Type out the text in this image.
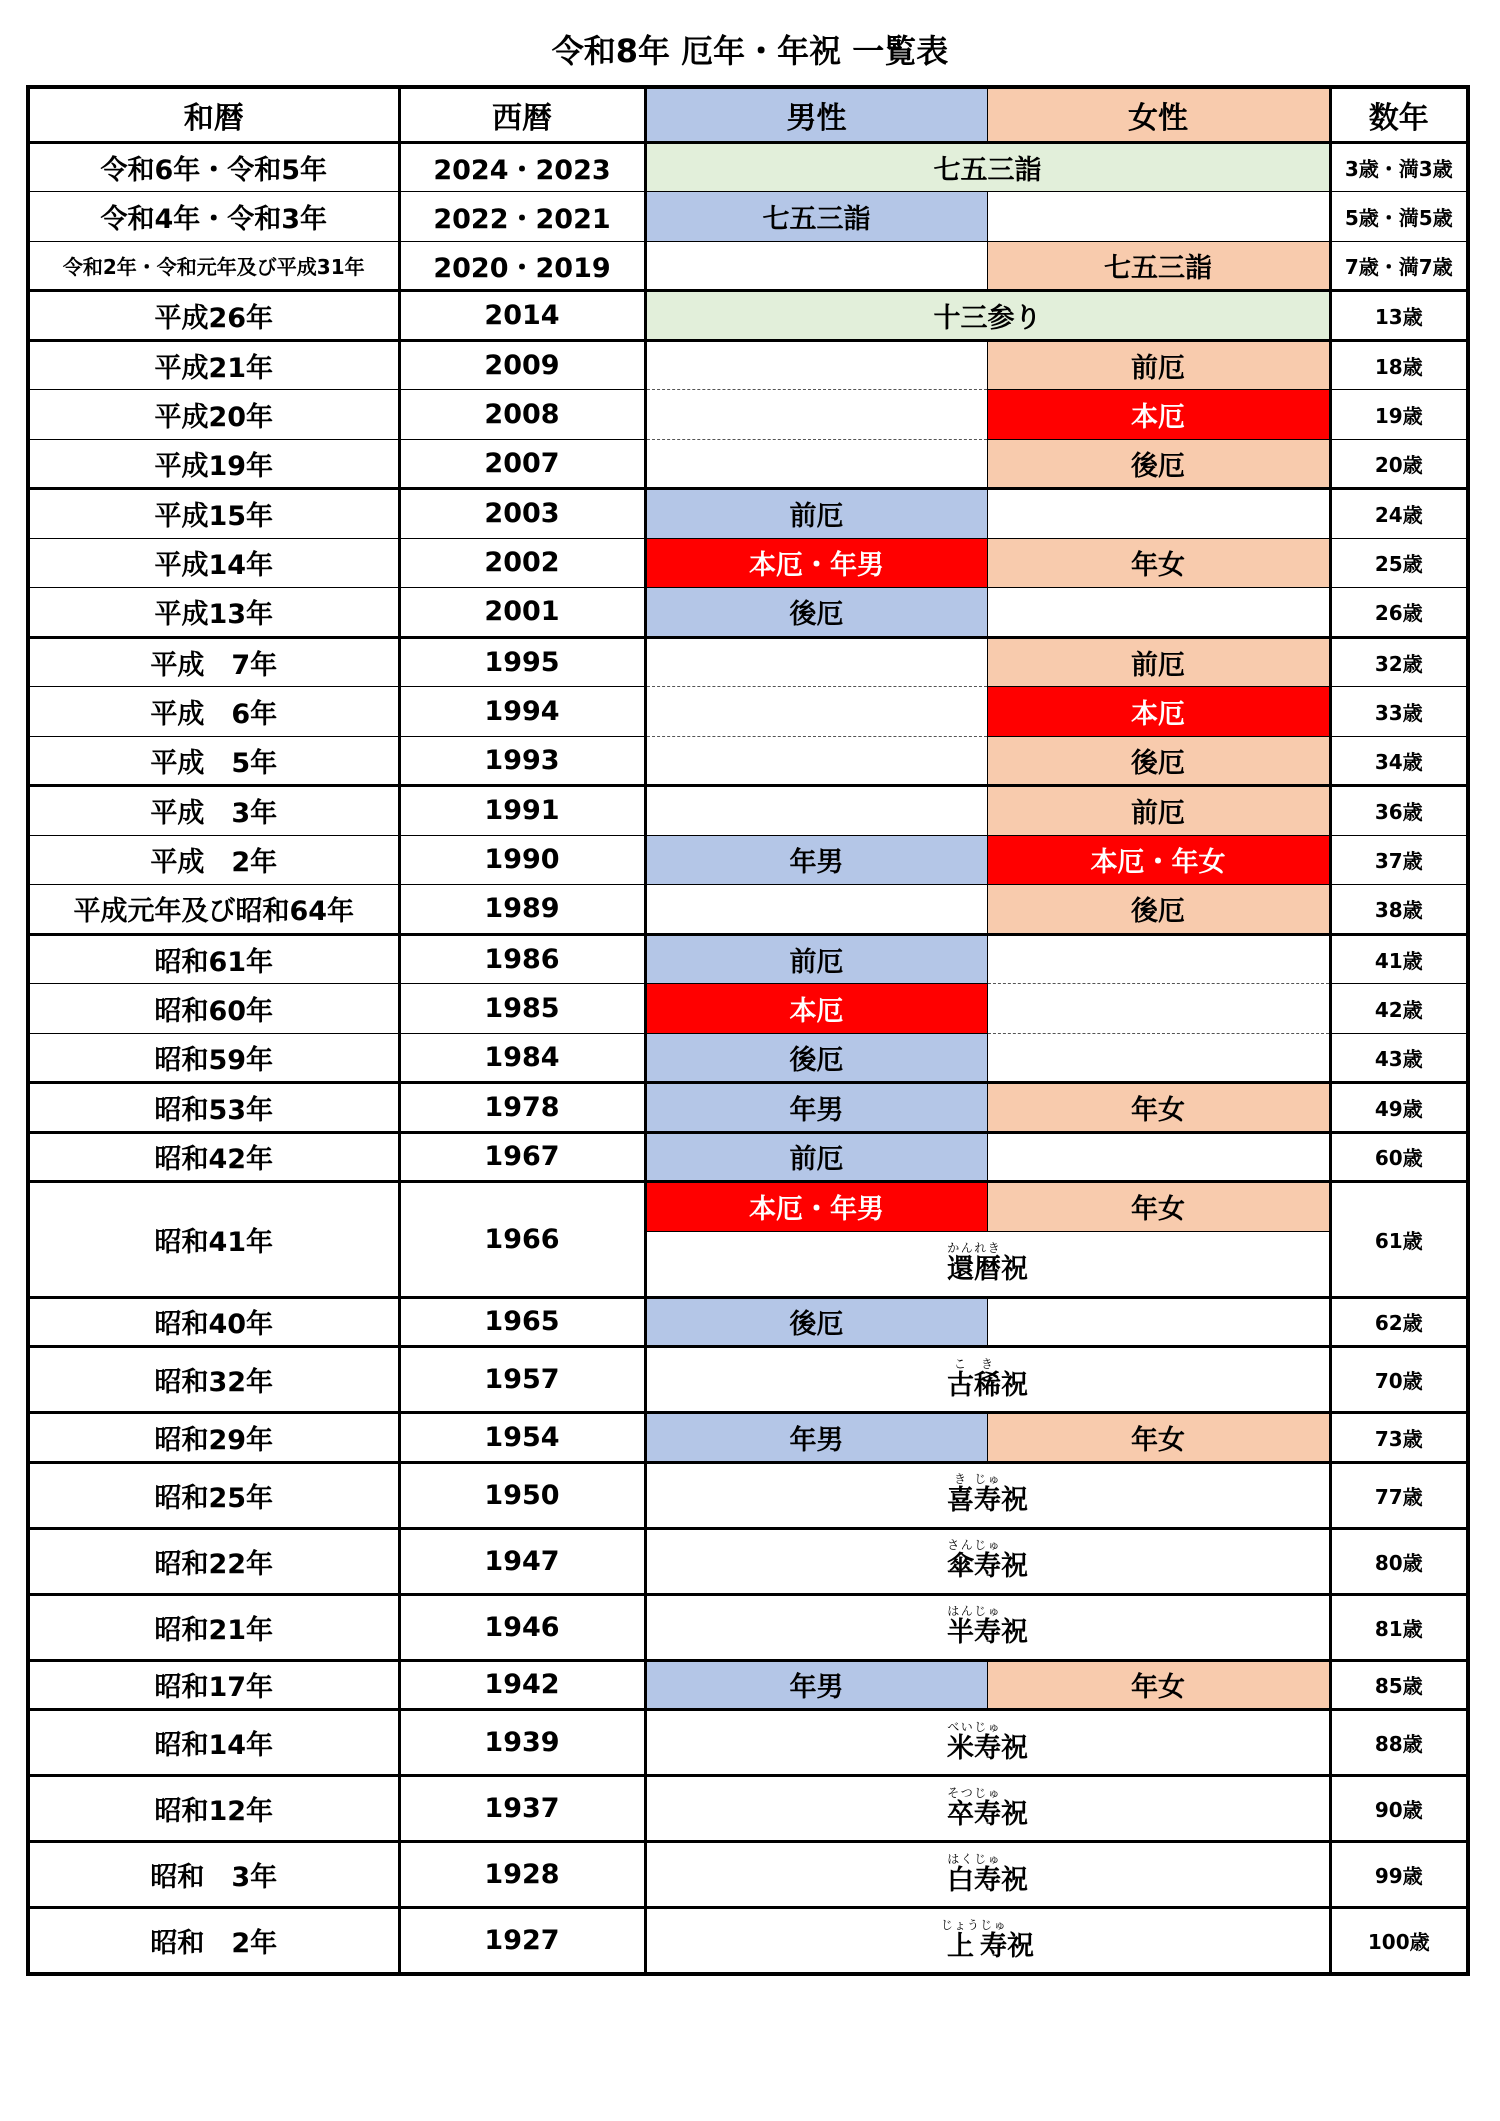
令和8年 厄年・年祝 一覧表
和暦	西暦	男性	女性	数年
令和6年・令和5年	2024・2023	七五三詣		3歳・満3歳
令和4年・令和3年	2022・2021	七五三詣		5歳・満5歳
令和2年・令和元年及び平成31年	2020・2019		七五三詣	7歳・満7歳
平成26年	2014	十三参り		13歳
平成21年	2009		前厄	18歳
平成20年	2008		本厄	19歳
平成19年	2007		後厄	20歳
平成15年	2003	前厄		24歳
平成14年	2002	本厄・年男	年女	25歳
平成13年	2001	後厄		26歳
平成　7年	1995		前厄	32歳
平成　6年	1994		本厄	33歳
平成　5年	1993		後厄	34歳
平成　3年	1991		前厄	36歳
平成　2年	1990	年男	本厄・年女	37歳
平成元年及び昭和64年	1989		後厄	38歳
昭和61年	1986	前厄		41歳
昭和60年	1985	本厄		42歳
昭和59年	1984	後厄		43歳
昭和53年	1978	年男	年女	49歳
昭和42年	1967	前厄		60歳
昭和41年	1966	本厄・年男	年女	61歳
		還かん暦れき祝		
昭和40年	1965	後厄		62歳
昭和32年	1957	古こ稀き祝		70歳
昭和29年	1954	年男	年女	73歳
昭和25年	1950	喜き寿じゅ祝		77歳
昭和22年	1947	傘さん寿じゅ祝		80歳
昭和21年	1946	半はん寿じゅ祝		81歳
昭和17年	1942	年男	年女	85歳
昭和14年	1939	米べい寿じゅ祝		88歳
昭和12年	1937	卒そつ寿じゅ祝		90歳
昭和　3年	1928	白はく寿じゅ祝		99歳
昭和　2年	1927	上じょう寿じゅ祝		100歳
